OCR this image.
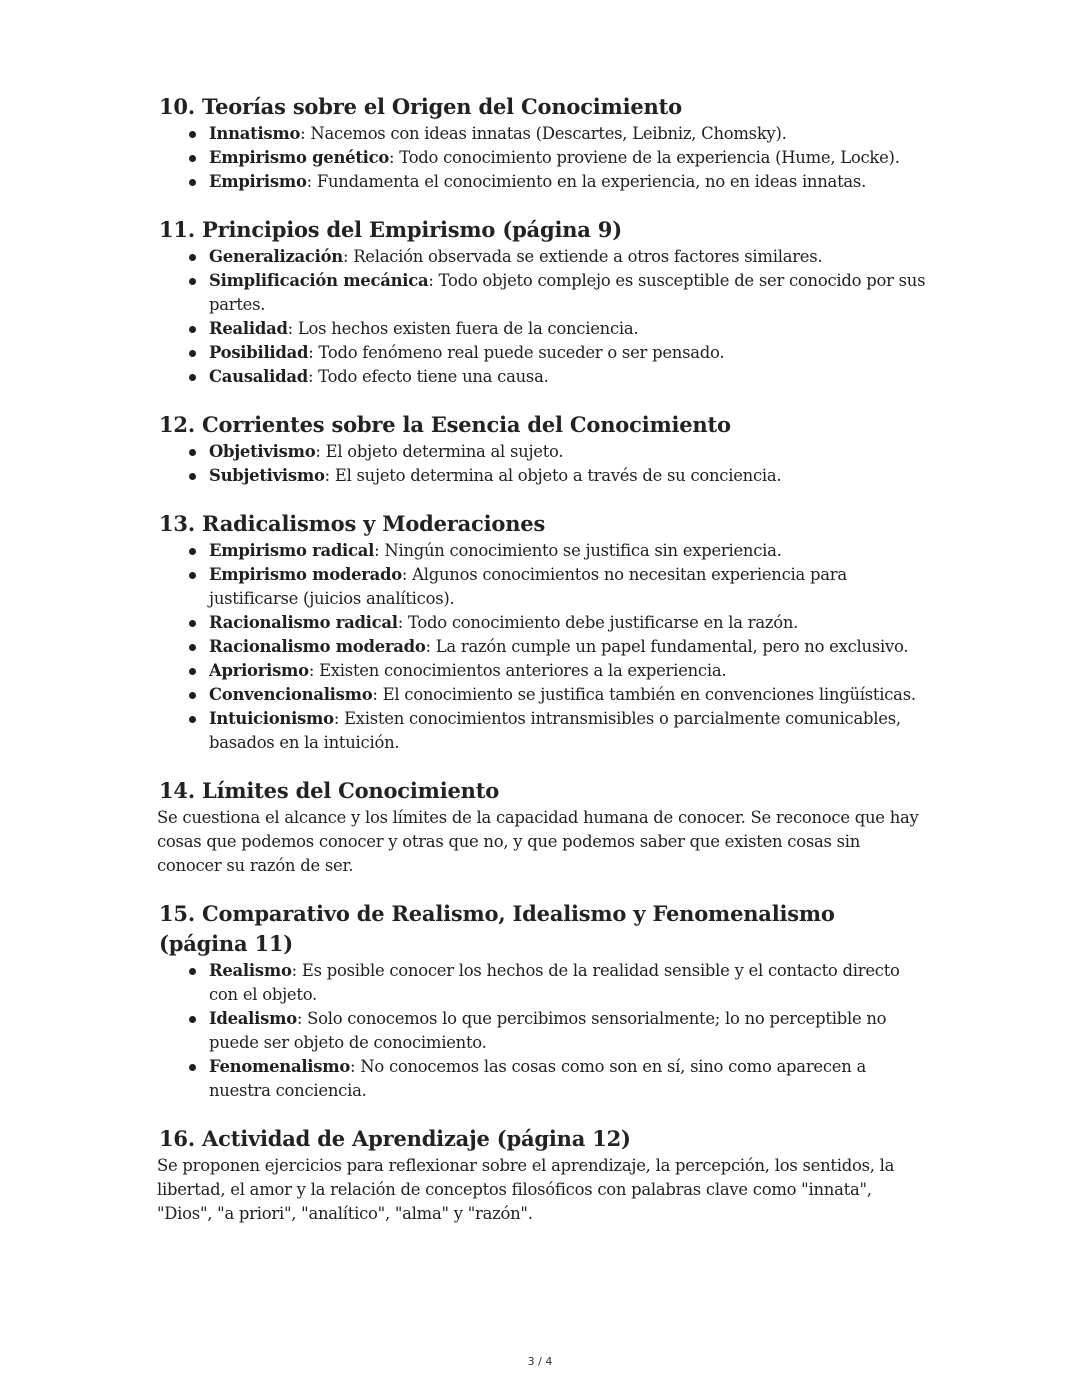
10. Teorías sobre el Origen del Conocimiento
Innatismo: Nacemos con ideas innatas (Descartes, Leibniz, Chomsky).
Empirismo genético: Todo conocimiento proviene de la experiencia (Hume, Locke).
Empirismo: Fundamenta el conocimiento en la experiencia, no en ideas innatas.
11. Principios del Empirismo (página 9)
Generalización: Relación observada se extiende a otros factores similares.
Simplificación mecánica: Todo objeto complejo es susceptible de ser conocido por sus partes.
Realidad: Los hechos existen fuera de la conciencia.
Posibilidad: Todo fenómeno real puede suceder o ser pensado.
Causalidad: Todo efecto tiene una causa.
12. Corrientes sobre la Esencia del Conocimiento
Objetivismo: El objeto determina al sujeto.
Subjetivismo: El sujeto determina al objeto a través de su conciencia.
13. Radicalismos y Moderaciones
Empirismo radical: Ningún conocimiento se justifica sin experiencia.
Empirismo moderado: Algunos conocimientos no necesitan experiencia para justificarse (juicios analíticos).
Racionalismo radical: Todo conocimiento debe justificarse en la razón.
Racionalismo moderado: La razón cumple un papel fundamental, pero no exclusivo.
Apriorismo: Existen conocimientos anteriores a la experiencia.
Convencionalismo: El conocimiento se justifica también en convenciones lingüísticas.
Intuicionismo: Existen conocimientos intransmisibles o parcialmente comunicables, basados en la intuición.
14. Límites del Conocimiento

Se cuestiona el alcance y los límites de la capacidad humana de conocer. Se reconoce que hay cosas que podemos conocer y otras que no, y que podemos saber que existen cosas sin conocer su razón de ser.

15. Comparativo de Realismo, Idealismo y Fenomenalismo (página 11)
Realismo: Es posible conocer los hechos de la realidad sensible y el contacto directo con el objeto.
Idealismo: Solo conocemos lo que percibimos sensorialmente; lo no perceptible no puede ser objeto de conocimiento.
Fenomenalismo: No conocemos las cosas como son en sí, sino como aparecen a nuestra conciencia.
16. Actividad de Aprendizaje (página 12)

Se proponen ejercicios para reflexionar sobre el aprendizaje, la percepción, los sentidos, la libertad, el amor y la relación de conceptos filosóficos con palabras clave como "innata", "Dios", "a priori", "analítico", "alma" y "razón".

3 / 4
